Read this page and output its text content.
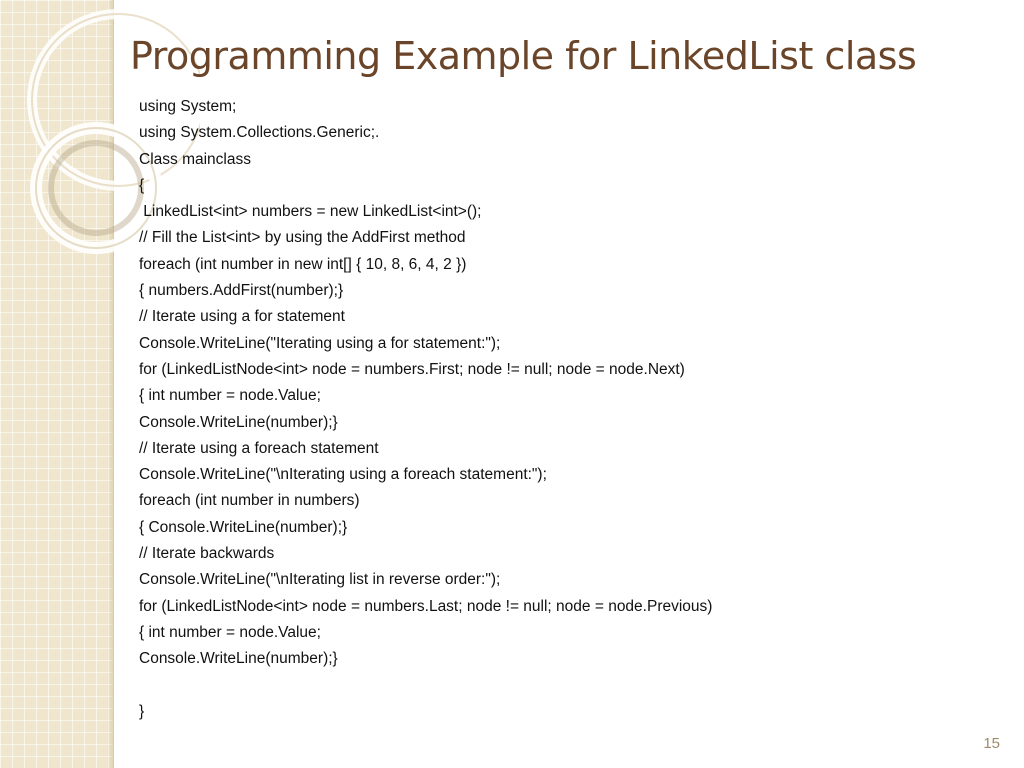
Programming Example for LinkedList class
using System;
using System.Collections.Generic;.
Class mainclass
{
LinkedList<int> numbers = new LinkedList<int>();
// Fill the List<int> by using the AddFirst method
foreach (int number in new int[] { 10, 8, 6, 4, 2 })
{ numbers.AddFirst(number);}
// Iterate using a for statement
Console.WriteLine("Iterating using a for statement:");
for (LinkedListNode<int> node = numbers.First; node != null; node = node.Next)
{ int number = node.Value;
Console.WriteLine(number);}
// Iterate using a foreach statement
Console.WriteLine("\nIterating using a foreach statement:");
foreach (int number in numbers)
{ Console.WriteLine(number);}
// Iterate backwards
Console.WriteLine("\nIterating list in reverse order:");
for (LinkedListNode<int> node = numbers.Last; node != null; node = node.Previous)
{ int number = node.Value;
Console.WriteLine(number);}
}
15
